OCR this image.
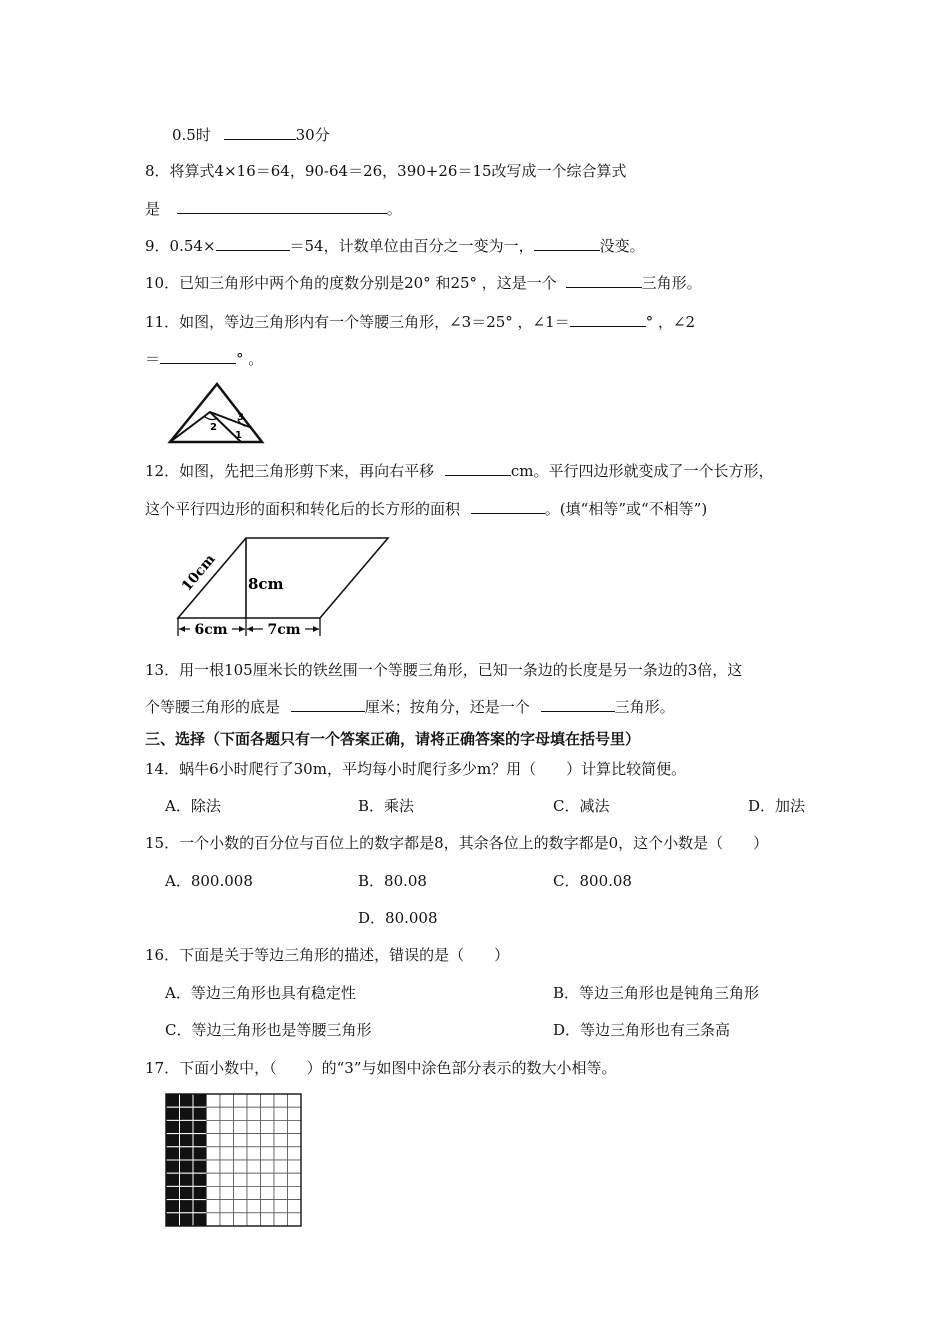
0.5时	30分
8．将算式4×16＝64，90-64＝26，390+26＝15改写成一个综合算式
是	。
9．0.54×	＝54，计数单位由百分之一变为一，	没变。
10．已知三角形中两个角的度数分别是20° 和25° ，这是一个	三角形。
11．如图，等边三角形内有一个等腰三角形，∠3＝25° ，∠1＝	° ，∠2
＝	° 。
2
3
1
12．如图，先把三角形剪下来，再向右平移	cm。平行四边形就变成了一个长方形，
这个平行四边形的面积和转化后的长方形的面积	。(填“相等”或“不相等”)
6cm	7cm
8cm
10cm
13．用一根105厘米长的铁丝围一个等腰三角形，已知一条边的长度是另一条边的3倍，这
个等腰三角形的底是	厘米；按角分，还是一个	三角形。
三、选择（下面各题只有一个答案正确，请将正确答案的字母填在括号里）
14．蜗牛6小时爬行了30m，平均每小时爬行多少m？用（　　）计算比较简便。
A．除法	B．乘法	C．减法	D．加法
15．一个小数的百分位与百位上的数字都是8，其余各位上的数字都是0，这个小数是（　　）
A．800.008	B．80.08	C．800.08
D．80.008
16．下面是关于等边三角形的描述，错误的是（　　）
A．等边三角形也具有稳定性	B．等边三角形也是钝角三角形
C．等边三角形也是等腰三角形	D．等边三角形也有三条高
17．下面小数中，（　　）的“3”与如图中涂色部分表示的数大小相等。
